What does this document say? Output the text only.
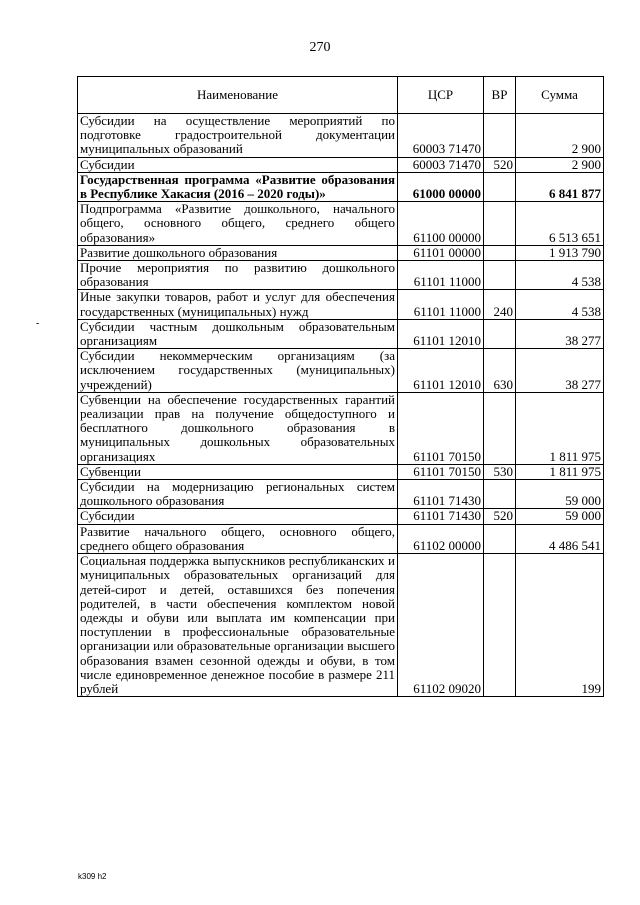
270
Наименование	ЦСР	ВР	Сумма
Субсидии на осуществление мероприятий по подготовке градостроительной документации муниципальных образований	60003 71470		2 900
Субсидии	60003 71470	520	2 900
Государственная программа «Развитие образования в Республике Хакасия (2016 – 2020 годы)»	61000 00000		6 841 877
Подпрограмма «Развитие дошкольного, начального общего, основного общего, среднего общего образования»	61100 00000		6 513 651
Развитие дошкольного образования	61101 00000		1 913 790
Прочие мероприятия по развитию дошкольного образования	61101 11000		4 538
Иные закупки товаров, работ и услуг для обеспечения государственных (муниципальных) нужд	61101 11000	240	4 538
Субсидии частным дошкольным образовательным организациям	61101 12010		38 277
Субсидии некоммерческим организациям (за исключением государственных (муниципальных) учреждений)	61101 12010	630	38 277
Субвенции на обеспечение государственных гарантий реализации прав на получение общедоступного и бесплатного дошкольного образования в муниципальных дошкольных образовательных организациях	61101 70150		1 811 975
Субвенции	61101 70150	530	1 811 975
Субсидии на модернизацию региональных систем дошкольного образования	61101 71430		59 000
Субсидии	61101 71430	520	59 000
Развитие начального общего, основного общего, среднего общего образования	61102 00000		4 486 541
Социальная поддержка выпускников республиканских и муниципальных образовательных организаций для детей-сирот и детей, оставшихся без попечения родителей, в части обеспечения комплектом новой одежды и обуви или выплата им компенсации при поступлении в профессиональные образовательные организации или образовательные организации высшего образования взамен сезонной одежды и обуви, в том числе единовременное денежное пособие в размере 211 рублей	61102 09020		199
-
k309 h2
